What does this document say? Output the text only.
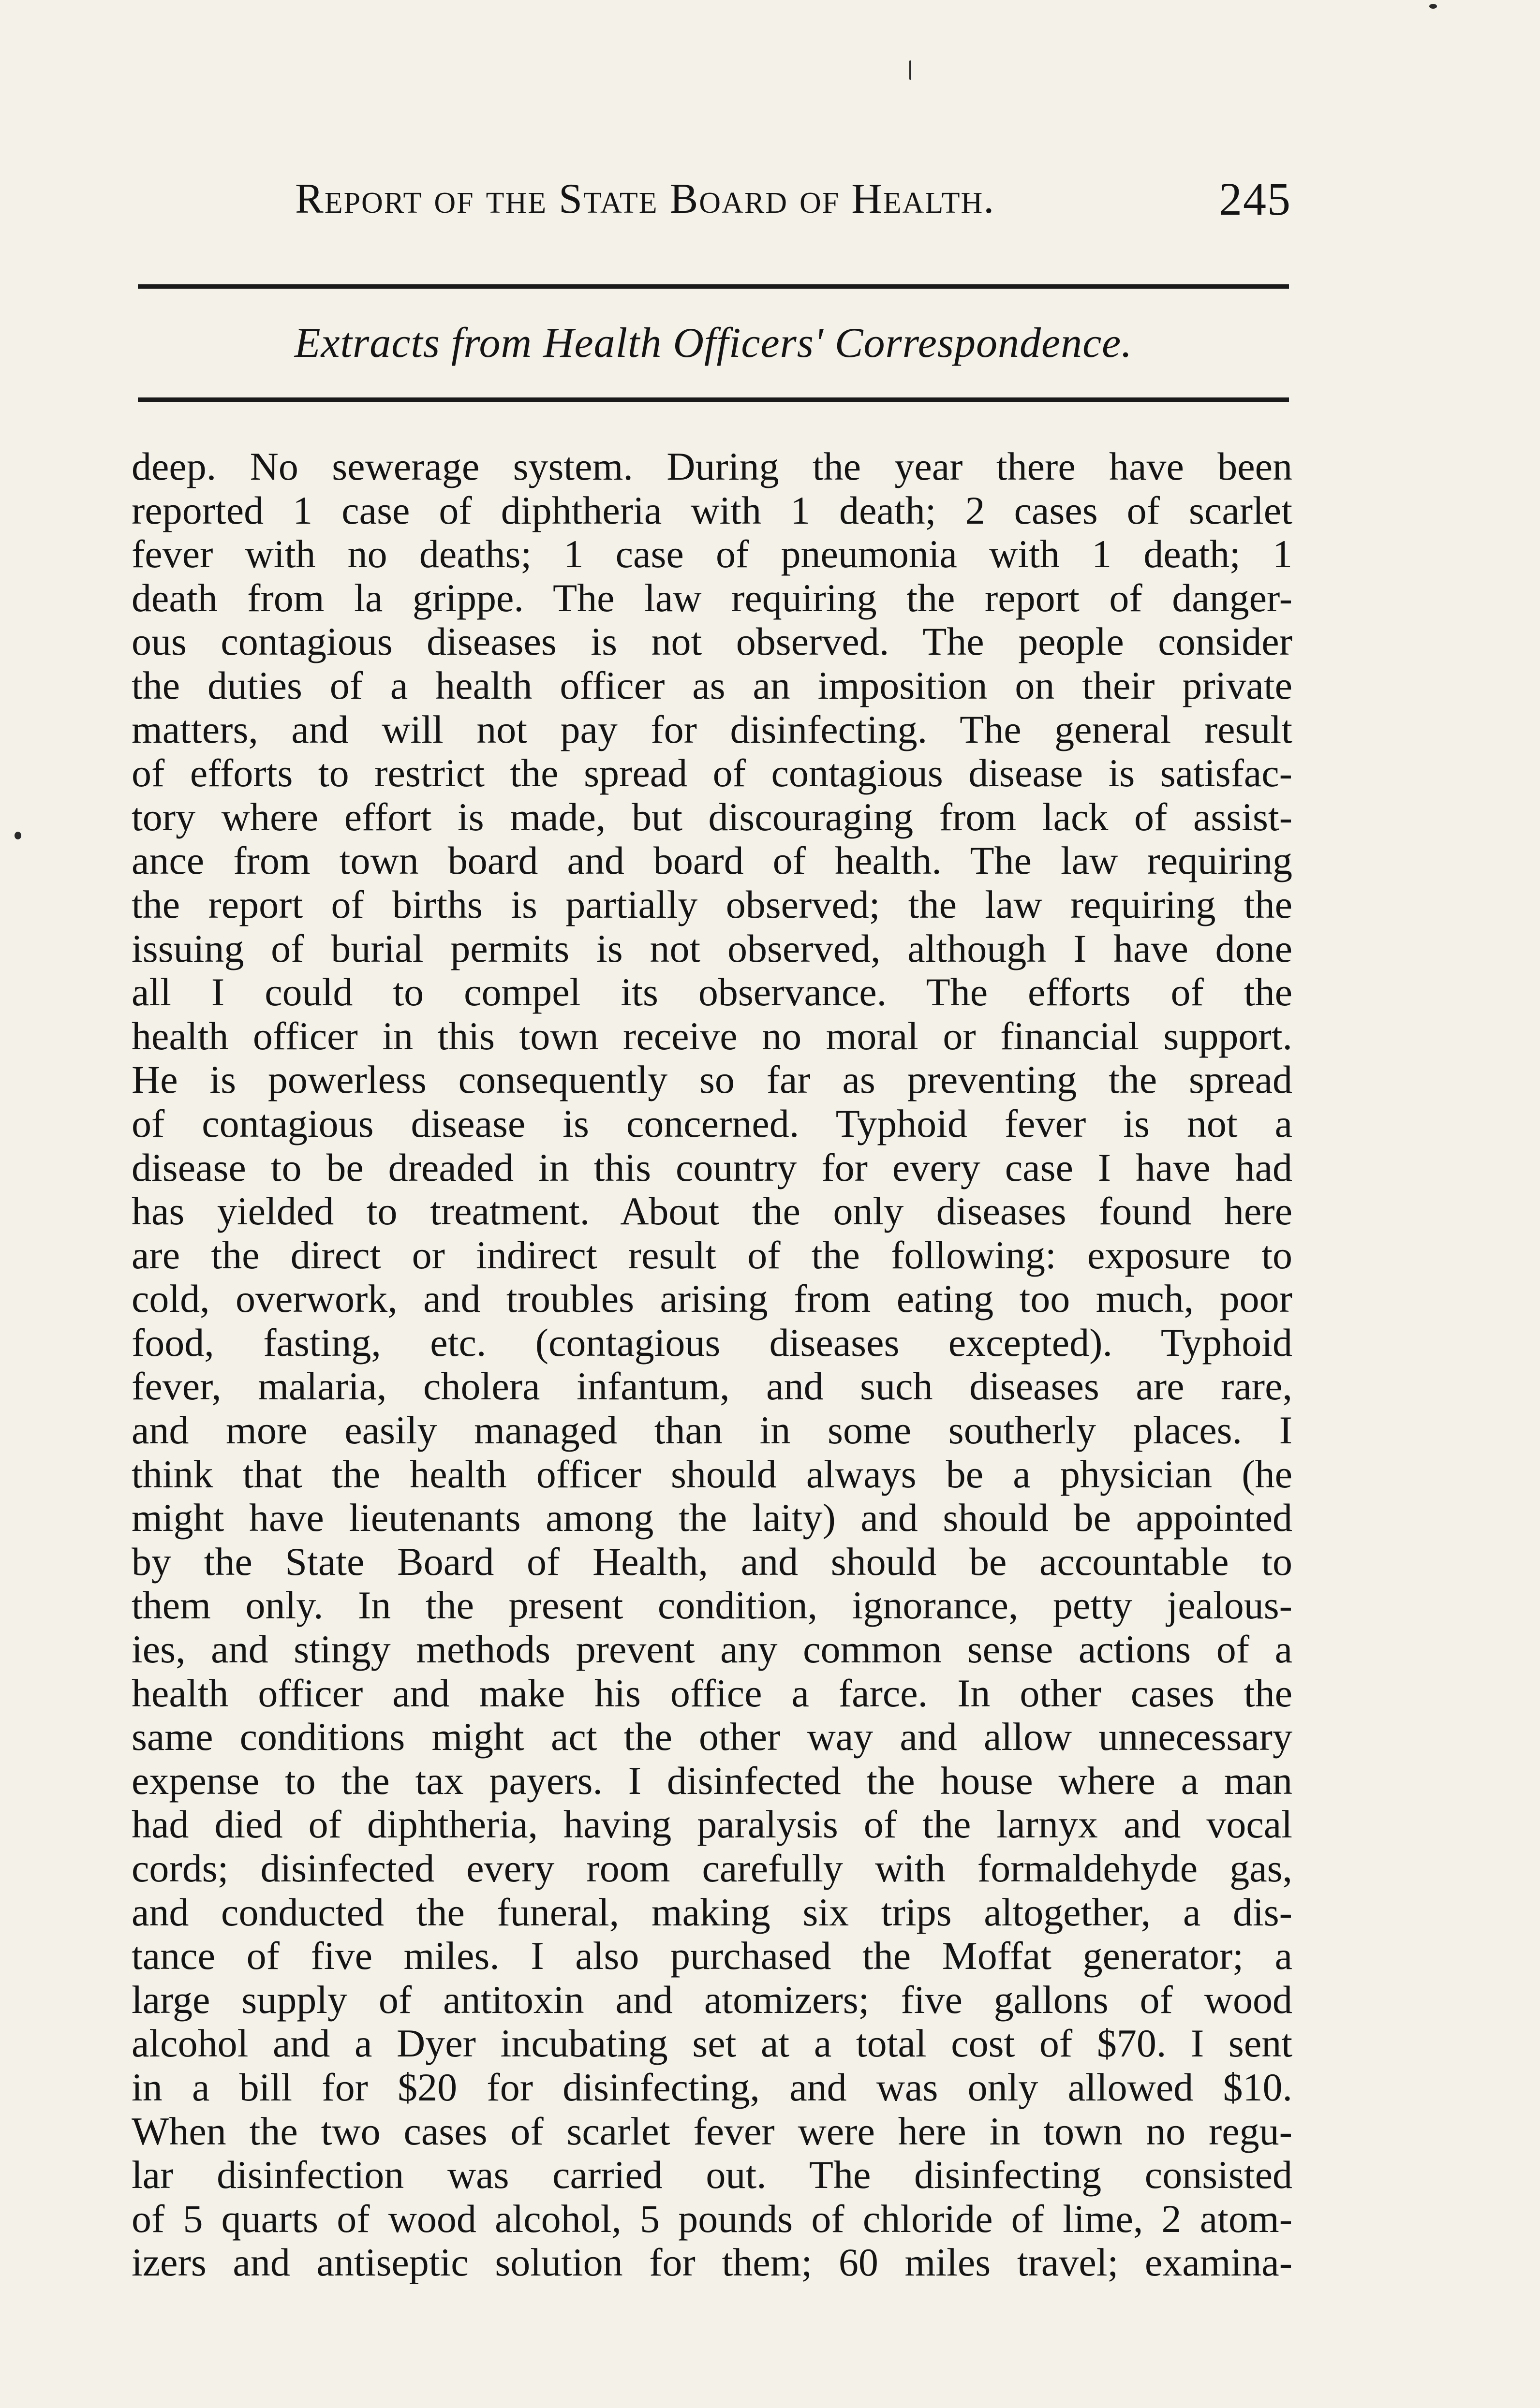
Report of the State Board of Health.	245
Extracts from Health Officers' Correspondence.
deep. No sewerage system. During the year there have been
reported 1 case of diphtheria with 1 death; 2 cases of scarlet
fever with no deaths; 1 case of pneumonia with 1 death; 1
death from la grippe. The law requiring the report of danger-
ous contagious diseases is not observed. The people consider
the duties of a health officer as an imposition on their private
matters, and will not pay for disinfecting. The general result
of efforts to restrict the spread of contagious disease is satisfac-
tory where effort is made, but discouraging from lack of assist-
ance from town board and board of health. The law requiring
the report of births is partially observed; the law requiring the
issuing of burial permits is not observed, although I have done
all I could to compel its observance. The efforts of the
health officer in this town receive no moral or financial support.
He is powerless consequently so far as preventing the spread
of contagious disease is concerned. Typhoid fever is not a
disease to be dreaded in this country for every case I have had
has yielded to treatment. About the only diseases found here
are the direct or indirect result of the following: exposure to
cold, overwork, and troubles arising from eating too much, poor
food, fasting, etc. (contagious diseases excepted). Typhoid
fever, malaria, cholera infantum, and such diseases are rare,
and more easily managed than in some southerly places. I
think that the health officer should always be a physician (he
might have lieutenants among the laity) and should be appointed
by the State Board of Health, and should be accountable to
them only. In the present condition, ignorance, petty jealous-
ies, and stingy methods prevent any common sense actions of a
health officer and make his office a farce. In other cases the
same conditions might act the other way and allow unnecessary
expense to the tax payers. I disinfected the house where a man
had died of diphtheria, having paralysis of the larnyx and vocal
cords; disinfected every room carefully with formaldehyde gas,
and conducted the funeral, making six trips altogether, a dis-
tance of five miles. I also purchased the Moffat generator; a
large supply of antitoxin and atomizers; five gallons of wood
alcohol and a Dyer incubating set at a total cost of $70. I sent
in a bill for $20 for disinfecting, and was only allowed $10.
When the two cases of scarlet fever were here in town no regu-
lar disinfection was carried out. The disinfecting consisted
of 5 quarts of wood alcohol, 5 pounds of chloride of lime, 2 atom-
izers and antiseptic solution for them; 60 miles travel; examina-
